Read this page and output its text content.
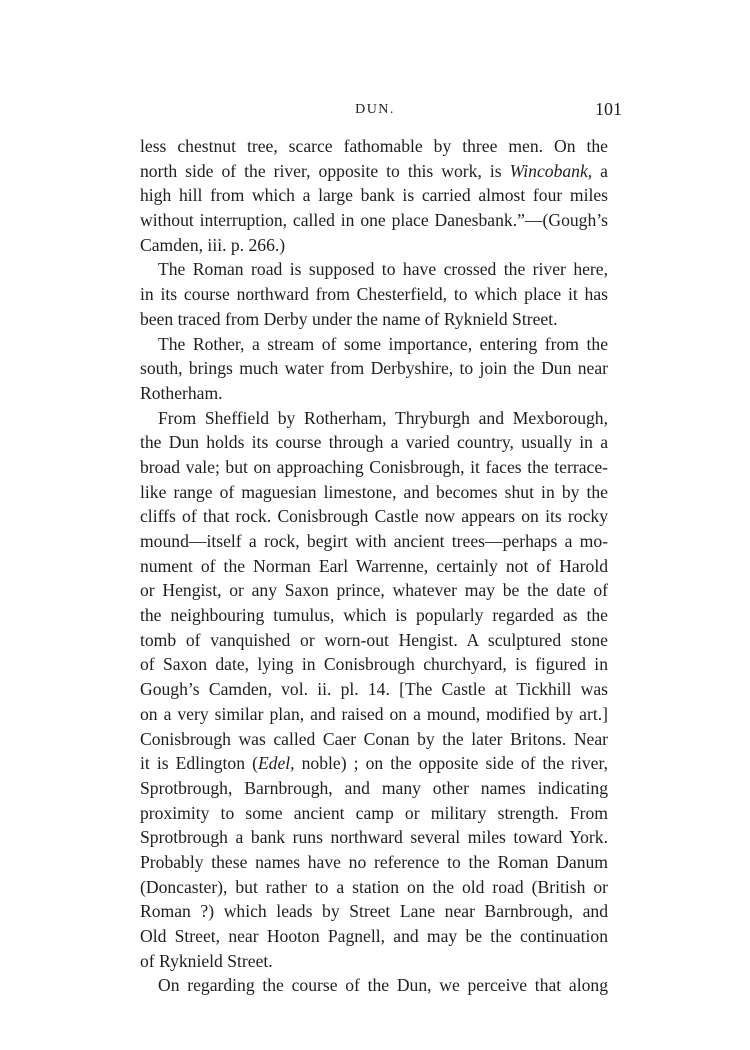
DUN.	101
less chestnut tree, scarce fathomable by three men. On the
north side of the river, opposite to this work, is Wincobank, a
high hill from which a large bank is carried almost four miles
without interruption, called in one place Danesbank.”—(Gough’s
Camden, iii. p. 266.)
The Roman road is supposed to have crossed the river here,
in its course northward from Chesterfield, to which place it has
been traced from Derby under the name of Ryknield Street.
The Rother, a stream of some importance, entering from the
south, brings much water from Derbyshire, to join the Dun near
Rotherham.
From Sheffield by Rotherham, Thryburgh and Mexborough,
the Dun holds its course through a varied country, usually in a
broad vale; but on approaching Conisbrough, it faces the terrace-
like range of maguesian limestone, and becomes shut in by the
cliffs of that rock. Conisbrough Castle now appears on its rocky
mound—itself a rock, begirt with ancient trees—perhaps a mo-
nument of the Norman Earl Warrenne, certainly not of Harold
or Hengist, or any Saxon prince, whatever may be the date of
the neighbouring tumulus, which is popularly regarded as the
tomb of vanquished or worn-out Hengist. A sculptured stone
of Saxon date, lying in Conisbrough churchyard, is figured in
Gough’s Camden, vol. ii. pl. 14. [The Castle at Tickhill was
on a very similar plan, and raised on a mound, modified by art.]
Conisbrough was called Caer Conan by the later Britons. Near
it is Edlington (Edel, noble) ; on the opposite side of the river,
Sprotbrough, Barnbrough, and many other names indicating
proximity to some ancient camp or military strength. From
Sprotbrough a bank runs northward several miles toward York.
Probably these names have no reference to the Roman Danum
(Doncaster), but rather to a station on the old road (British or
Roman ?) which leads by Street Lane near Barnbrough, and
Old Street, near Hooton Pagnell, and may be the continuation
of Ryknield Street.
On regarding the course of the Dun, we perceive that along
